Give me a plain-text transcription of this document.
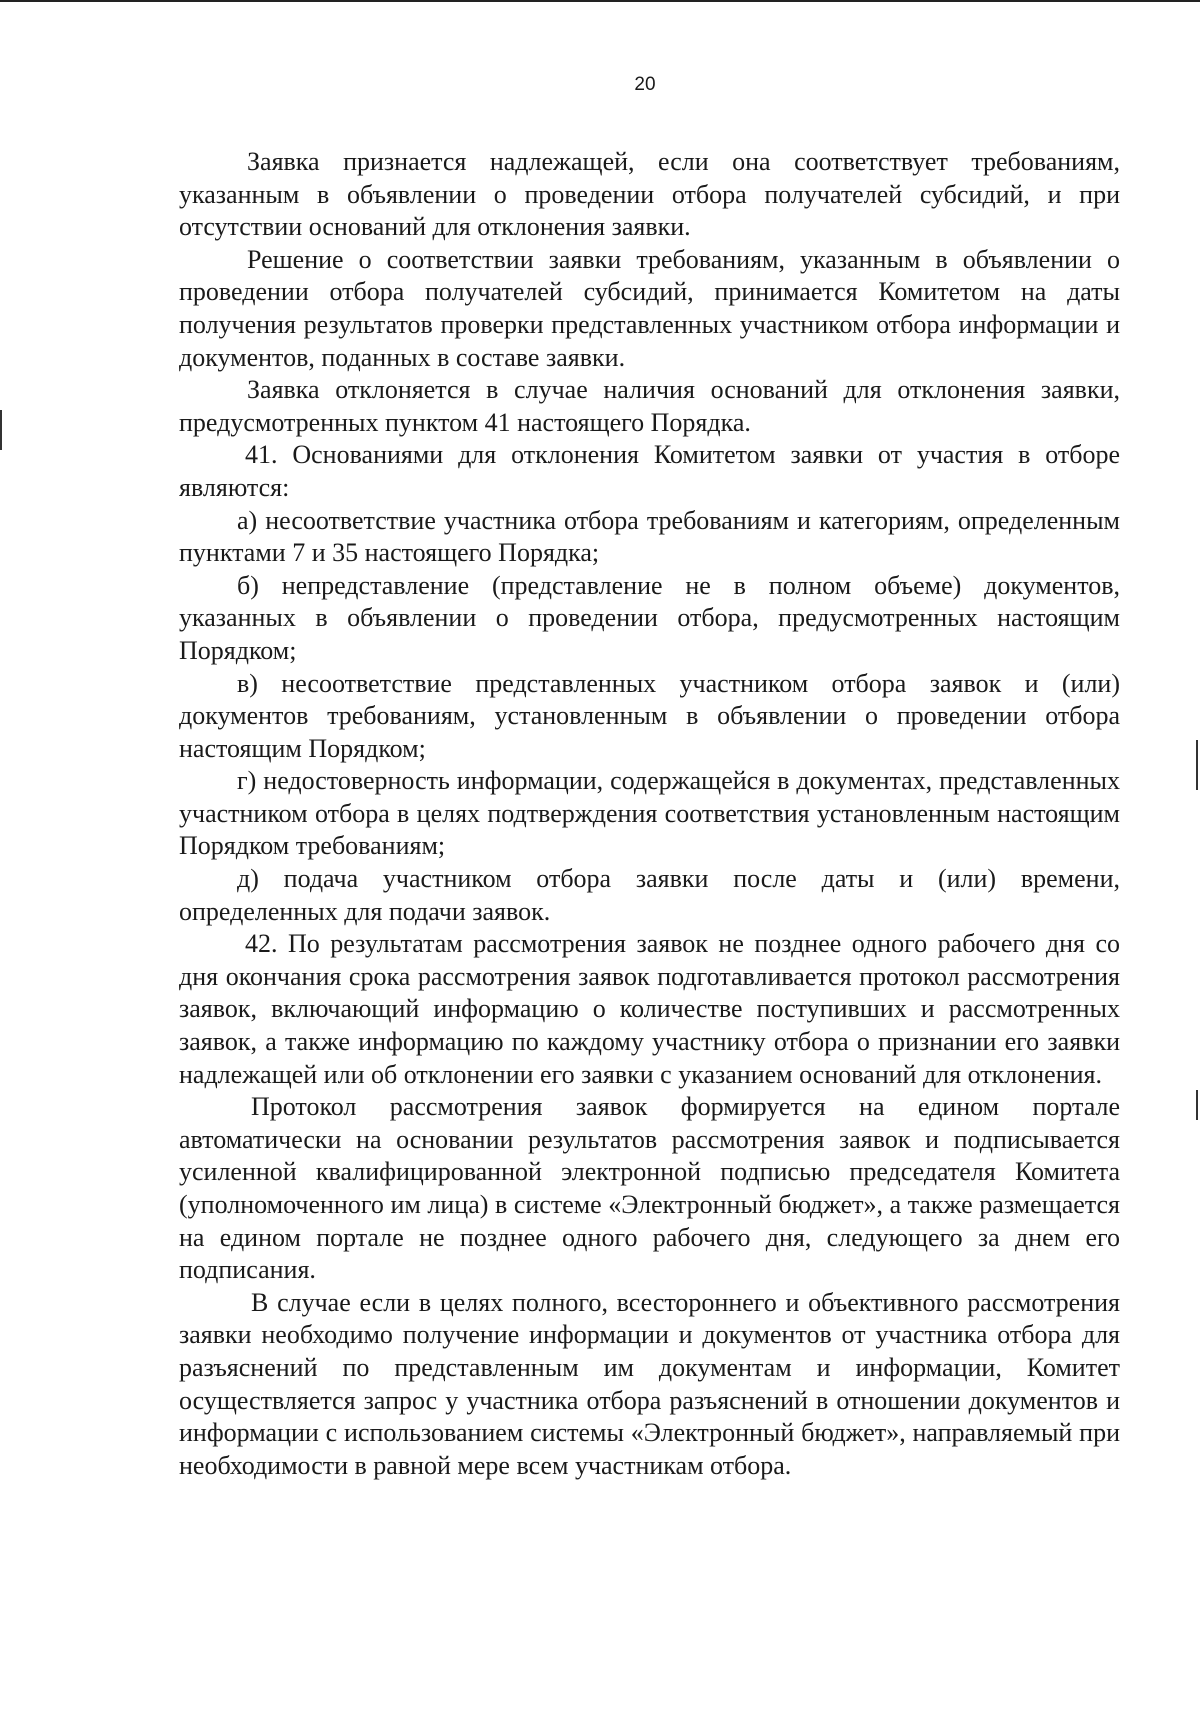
20

Заявка признается надлежащей, если она соответствует требованиям, указанным в объявлении о проведении отбора получателей субсидий, и при отсутствии оснований для отклонения заявки.

Решение о соответствии заявки требованиям, указанным в объявлении о проведении отбора получателей субсидий, принимается Комитетом на даты получения результатов проверки представленных участником отбора информации и документов, поданных в составе заявки.

Заявка отклоняется в случае наличия оснований для отклонения заявки, предусмотренных пунктом 41 настоящего Порядка.

41. Основаниями для отклонения Комитетом заявки от участия в отборе являются:

а) несоответствие участника отбора требованиям и категориям, определенным пунктами 7 и 35 настоящего Порядка;

б) непредставление (представление не в полном объеме) документов, указанных в объявлении о проведении отбора, предусмотренных настоящим Порядком;

в) несоответствие представленных участником отбора заявок и (или) документов требованиям, установленным в объявлении о проведении отбора настоящим Порядком;

г) недостоверность информации, содержащейся в документах, представленных участником отбора в целях подтверждения соответствия установленным настоящим Порядком требованиям;

д) подача участником отбора заявки после даты и (или) времени, определенных для подачи заявок.

42. По результатам рассмотрения заявок не позднее одного рабочего дня со дня окончания срока рассмотрения заявок подготавливается протокол рассмотрения заявок, включающий информацию о количестве поступивших и рассмотренных заявок, а также информацию по каждому участнику отбора о признании его заявки надлежащей или об отклонении его заявки с указанием оснований для отклонения.

Протокол рассмотрения заявок формируется на едином портале автоматически на основании результатов рассмотрения заявок и подписывается усиленной квалифицированной электронной подписью председателя Комитета (уполномоченного им лица) в системе «Электронный бюджет», а также размещается на едином портале не позднее одного рабочего дня, следующего за днем его подписания.

В случае если в целях полного, всестороннего и объективного рассмотрения заявки необходимо получение информации и документов от участника отбора для разъяснений по представленным им документам и информации, Комитет осуществляется запрос у участника отбора разъяснений в отношении документов и информации с использованием системы «Электронный бюджет», направляемый при необходимости в равной мере всем участникам отбора.
